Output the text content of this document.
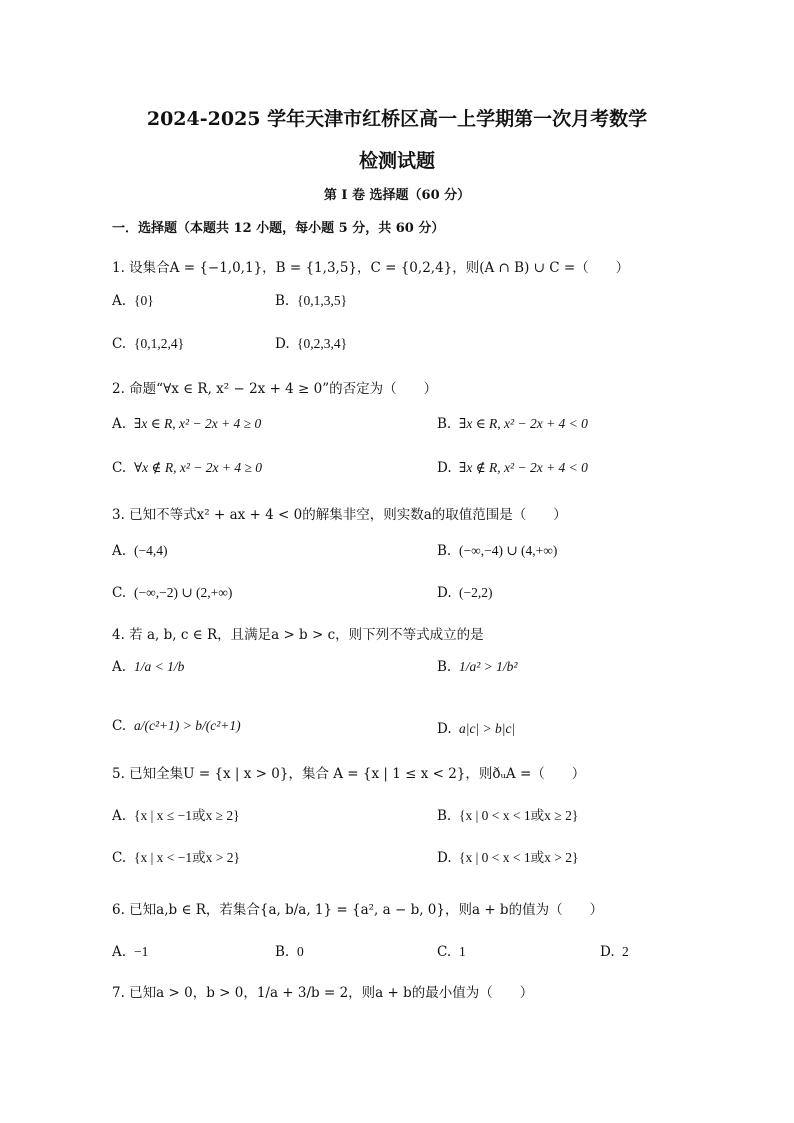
2024-2025 学年天津市红桥区高一上学期第一次月考数学
检测试题
第 I 卷 选择题（60 分）
一．选择题（本题共 12 小题，每小题 5 分，共 60 分）
1. 设集合A = {−1,0,1}，B = {1,3,5}，C = {0,2,4}，则(A ∩ B) ∪ C =（　　）
A. {0}	B. {0,1,3,5}
C. {0,1,2,4}	D. {0,2,3,4}
2. 命题“∀x ∈ R, x² − 2x + 4 ≥ 0”的否定为（　　）
A. ∃x ∈ R, x² − 2x + 4 ≥ 0	B. ∃x ∈ R, x² − 2x + 4 < 0
C. ∀x ∉ R, x² − 2x + 4 ≥ 0	D. ∃x ∉ R, x² − 2x + 4 < 0
3. 已知不等式x² + ax + 4 < 0的解集非空，则实数a的取值范围是（　　）
A. (−4,4)	B. (−∞,−4) ∪ (4,+∞)
C. (−∞,−2) ∪ (2,+∞)	D. (−2,2)
4. 若 a, b, c ∈ R，且满足a > b > c，则下列不等式成立的是
A. 1/a < 1/b	B. 1/a² > 1/b²
C. a/(c²+1) > b/(c²+1)	D. a|c| > b|c|
5. 已知全集U = {x | x > 0}，集合 A = {x | 1 ≤ x < 2}，则ðᵤA =（　　）
A. {x | x ≤ −1或x ≥ 2}	B. {x | 0 < x < 1或x ≥ 2}
C. {x | x < −1或x > 2}	D. {x | 0 < x < 1或x > 2}
6. 已知a,b ∈ R，若集合{a, b/a, 1} = {a², a − b, 0}，则a + b的值为（　　）
A. −1	B. 0	C. 1	D. 2
7. 已知a > 0，b > 0，1/a + 3/b = 2，则a + b的最小值为（　　）
